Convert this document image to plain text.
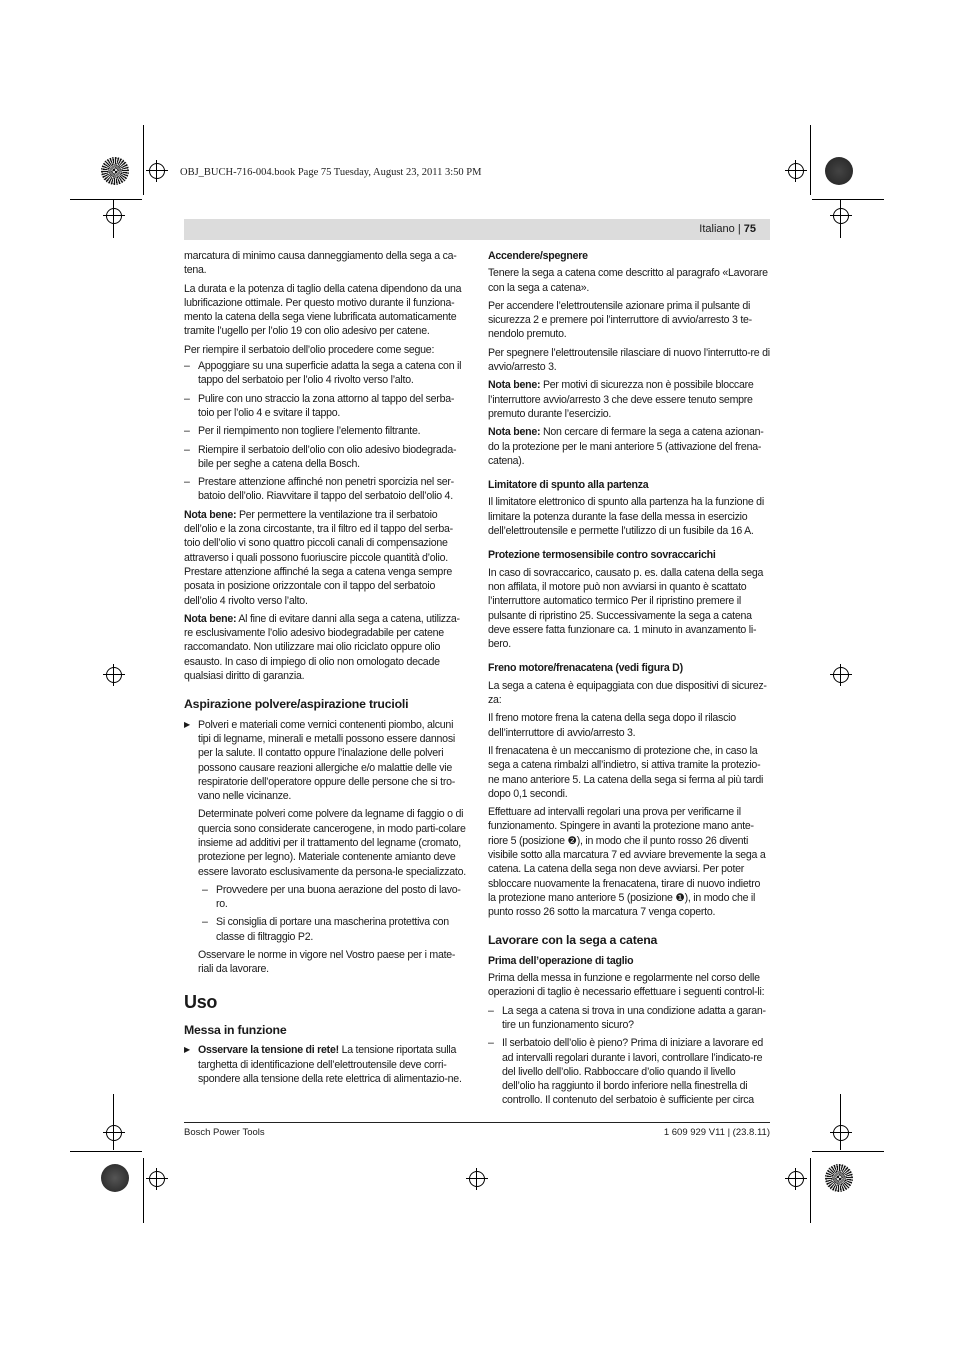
OBJ_BUCH-716-004.book Page 75 Tuesday, August 23, 2011 3:50 PM
Italiano | 75

marcatura di minimo causa danneggiamento della sega a ca-tena.

La durata e la potenza di taglio della catena dipendono da una lubrificazione ottimale. Per questo motivo durante il funziona-mento la catena della sega viene lubrificata automaticamente tramite l’ugello per l’olio 19 con olio adesivo per catene.

Per riempire il serbatoio dell’olio procedere come segue:

– Appoggiare su una superficie adatta la sega a catena con il tappo del serbatoio per l’olio 4 rivolto verso l’alto.

– Pulire con uno straccio la zona attorno al tappo del serba-toio per l’olio 4 e svitare il tappo.

– Per il riempimento non togliere l’elemento filtrante.

– Riempire il serbatoio dell’olio con olio adesivo biodegrada-bile per seghe a catena della Bosch.

– Prestare attenzione affinché non penetri sporcizia nel ser-batoio dell’olio. Riavvitare il tappo del serbatoio dell’olio 4.

Nota bene: Per permettere la ventilazione tra il serbatoio dell’olio e la zona circostante, tra il filtro ed il tappo del serba-toio dell’olio vi sono quattro piccoli canali di compensazione attraverso i quali possono fuoriuscire piccole quantità d’olio. Prestare attenzione affinché la sega a catena venga sempre posata in posizione orizzontale con il tappo del serbatoio dell’olio 4 rivolto verso l’alto.

Nota bene: Al fine di evitare danni alla sega a catena, utilizza-re esclusivamente l’olio adesivo biodegradabile per catene raccomandato. Non utilizzare mai olio riciclato oppure olio esausto. In caso di impiego di olio non omologato decade qualsiasi diritto di garanzia.

Aspirazione polvere/aspirazione trucioli

▶ Polveri e materiali come vernici contenenti piombo, alcuni tipi di legname, minerali e metalli possono essere dannosi per la salute. Il contatto oppure l’inalazione delle polveri possono causare reazioni allergiche e/o malattie delle vie respiratorie dell’operatore oppure delle persone che si tro-vano nelle vicinanze.

Determinate polveri come polvere da legname di faggio o di quercia sono considerate cancerogene, in modo parti-colare insieme ad additivi per il trattamento del legname (cromato, protezione per legno). Materiale contenente amianto deve essere lavorato esclusivamente da persona-le specializzato.

– Provvedere per una buona aerazione del posto di lavo-ro.

– Si consiglia di portare una mascherina protettiva con classe di filtraggio P2.

Osservare le norme in vigore nel Vostro paese per i mate-riali da lavorare.

Uso
Messa in funzione

▶ Osservare la tensione di rete! La tensione riportata sulla targhetta di identificazione dell’elettroutensile deve corri-spondere alla tensione della rete elettrica di alimentazio-ne.

Accendere/spegnere

Tenere la sega a catena come descritto al paragrafo «Lavorare con la sega a catena».

Per accendere l’elettroutensile azionare prima il pulsante di sicurezza 2 e premere poi l’interruttore di avvio/arresto 3 te-nendolo premuto.

Per spegnere l’elettroutensile rilasciare di nuovo l’interrutto-re di avvio/arresto 3.

Nota bene: Per motivi di sicurezza non è possibile bloccare l’interruttore avvio/arresto 3 che deve essere tenuto sempre premuto durante l’esercizio.

Nota bene: Non cercare di fermare la sega a catena azionan-do la protezione per le mani anteriore 5 (attivazione del frena-catena).

Limitatore di spunto alla partenza

Il limitatore elettronico di spunto alla partenza ha la funzione di limitare la potenza durante la fase della messa in esercizio dell’elettroutensile e permette l’utilizzo di un fusibile da 16 A.

Protezione termosensibile contro sovraccarichi

In caso di sovraccarico, causato p. es. dalla catena della sega non affilata, il motore può non avviarsi in quanto è scattato l’interruttore automatico termico Per il ripristino premere il pulsante di ripristino 25. Successivamente la sega a catena deve essere fatta funzionare ca. 1 minuto in avanzamento li-bero.

Freno motore/frenacatena (vedi figura D)

La sega a catena è equipaggiata con due dispositivi di sicurez-za:

Il freno motore frena la catena della sega dopo il rilascio dell’interruttore di avvio/arresto 3.

Il frenacatena è un meccanismo di protezione che, in caso la sega a catena rimbalzi all’indietro, si attiva tramite la protezio-ne mano anteriore 5. La catena della sega si ferma al più tardi dopo 0,1 secondi.

Effettuare ad intervalli regolari una prova per verificarne il funzionamento. Spingere in avanti la protezione mano ante-riore 5 (posizione ❷), in modo che il punto rosso 26 diventi visibile sotto alla marcatura 7 ed avviare brevemente la sega a catena. La catena della sega non deve avviarsi. Per poter sbloccare nuovamente la frenacatena, tirare di nuovo indietro la protezione mano anteriore 5 (posizione ❶), in modo che il punto rosso 26 sotto la marcatura 7 venga coperto.

Lavorare con la sega a catena
Prima dell’operazione di taglio

Prima della messa in funzione e regolarmente nel corso delle operazioni di taglio è necessario effettuare i seguenti control-li:

– La sega a catena si trova in una condizione adatta a garan-tire un funzionamento sicuro?

– Il serbatoio dell’olio è pieno? Prima di iniziare a lavorare ed ad intervalli regolari durante i lavori, controllare l’indicato-re del livello dell’olio. Rabboccare d’olio quando il livello dell’olio ha raggiunto il bordo inferiore nella finestrella di controllo. Il contenuto del serbatoio è sufficiente per circa

Bosch Power Tools	1 609 929 V11 | (23.8.11)
